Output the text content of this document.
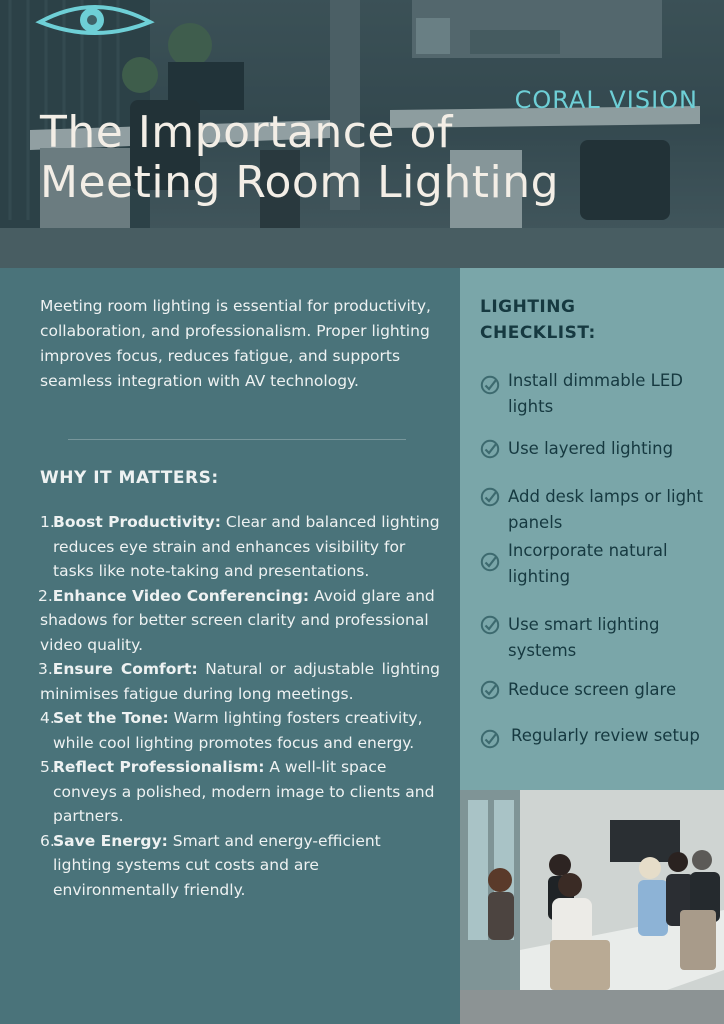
CORAL VISION
The Importance of
Meeting Room Lighting
Meeting room lighting is essential for productivity, collaboration, and professionalism. Proper lighting improves focus, reduces fatigue, and supports seamless integration with AV technology.
WHY IT MATTERS:
1.
Boost Productivity: Clear and balanced lighting reduces eye strain and enhances visibility for tasks like note-taking and presentations.
2.Enhance Video Conferencing: Avoid glare and shadows for better screen clarity and professional video quality.
3.Ensure Comfort: Natural or adjustable lighting minimises fatigue during long meetings.
4.
Set the Tone: Warm lighting fosters creativity, while cool lighting promotes focus and energy.
5.
Reflect Professionalism: A well-lit space conveys a polished, modern image to clients and partners.
6.
Save Energy: Smart and energy-efficient lighting systems cut costs and are environmentally friendly.
LIGHTING
CHECKLIST:
Install dimmable LED lights
Use layered lighting
Add desk lamps or light panels
Incorporate natural lighting
Use smart lighting systems
Reduce screen glare
Regularly review setup
